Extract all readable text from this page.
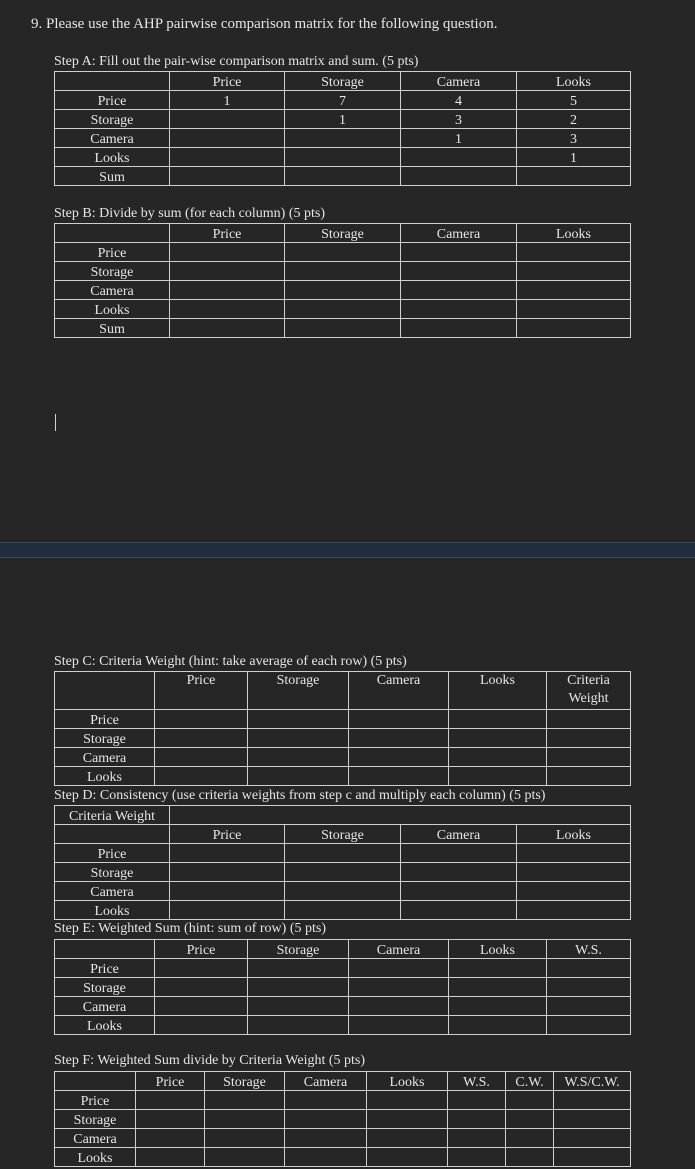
9. Please use the AHP pairwise comparison matrix for the following question.
Step A: Fill out the pair-wise comparison matrix and sum. (5 pts)
	Price	Storage	Camera	Looks
Price	1	7	4	5
Storage		1	3	2
Camera			1	3
Looks				1
Sum				
Step B: Divide by sum (for each column) (5 pts)
	Price	Storage	Camera	Looks
Price				
Storage				
Camera				
Looks				
Sum				
Step C: Criteria Weight (hint: take average of each row) (5 pts)
	Price	Storage	Camera	Looks	Criteria Weight
Price					
Storage					
Camera					
Looks					
Step D: Consistency (use criteria weights from step c and multiply each column) (5 pts)
Criteria Weight				
	Price	Storage	Camera	Looks
Price				
Storage				
Camera				
Looks				
Step E: Weighted Sum (hint: sum of row) (5 pts)
	Price	Storage	Camera	Looks	W.S.
Price					
Storage					
Camera					
Looks					
Step F: Weighted Sum divide by Criteria Weight (5 pts)
	Price	Storage	Camera	Looks	W.S.	C.W.	W.S/C.W.
Price							
Storage							
Camera							
Looks							
